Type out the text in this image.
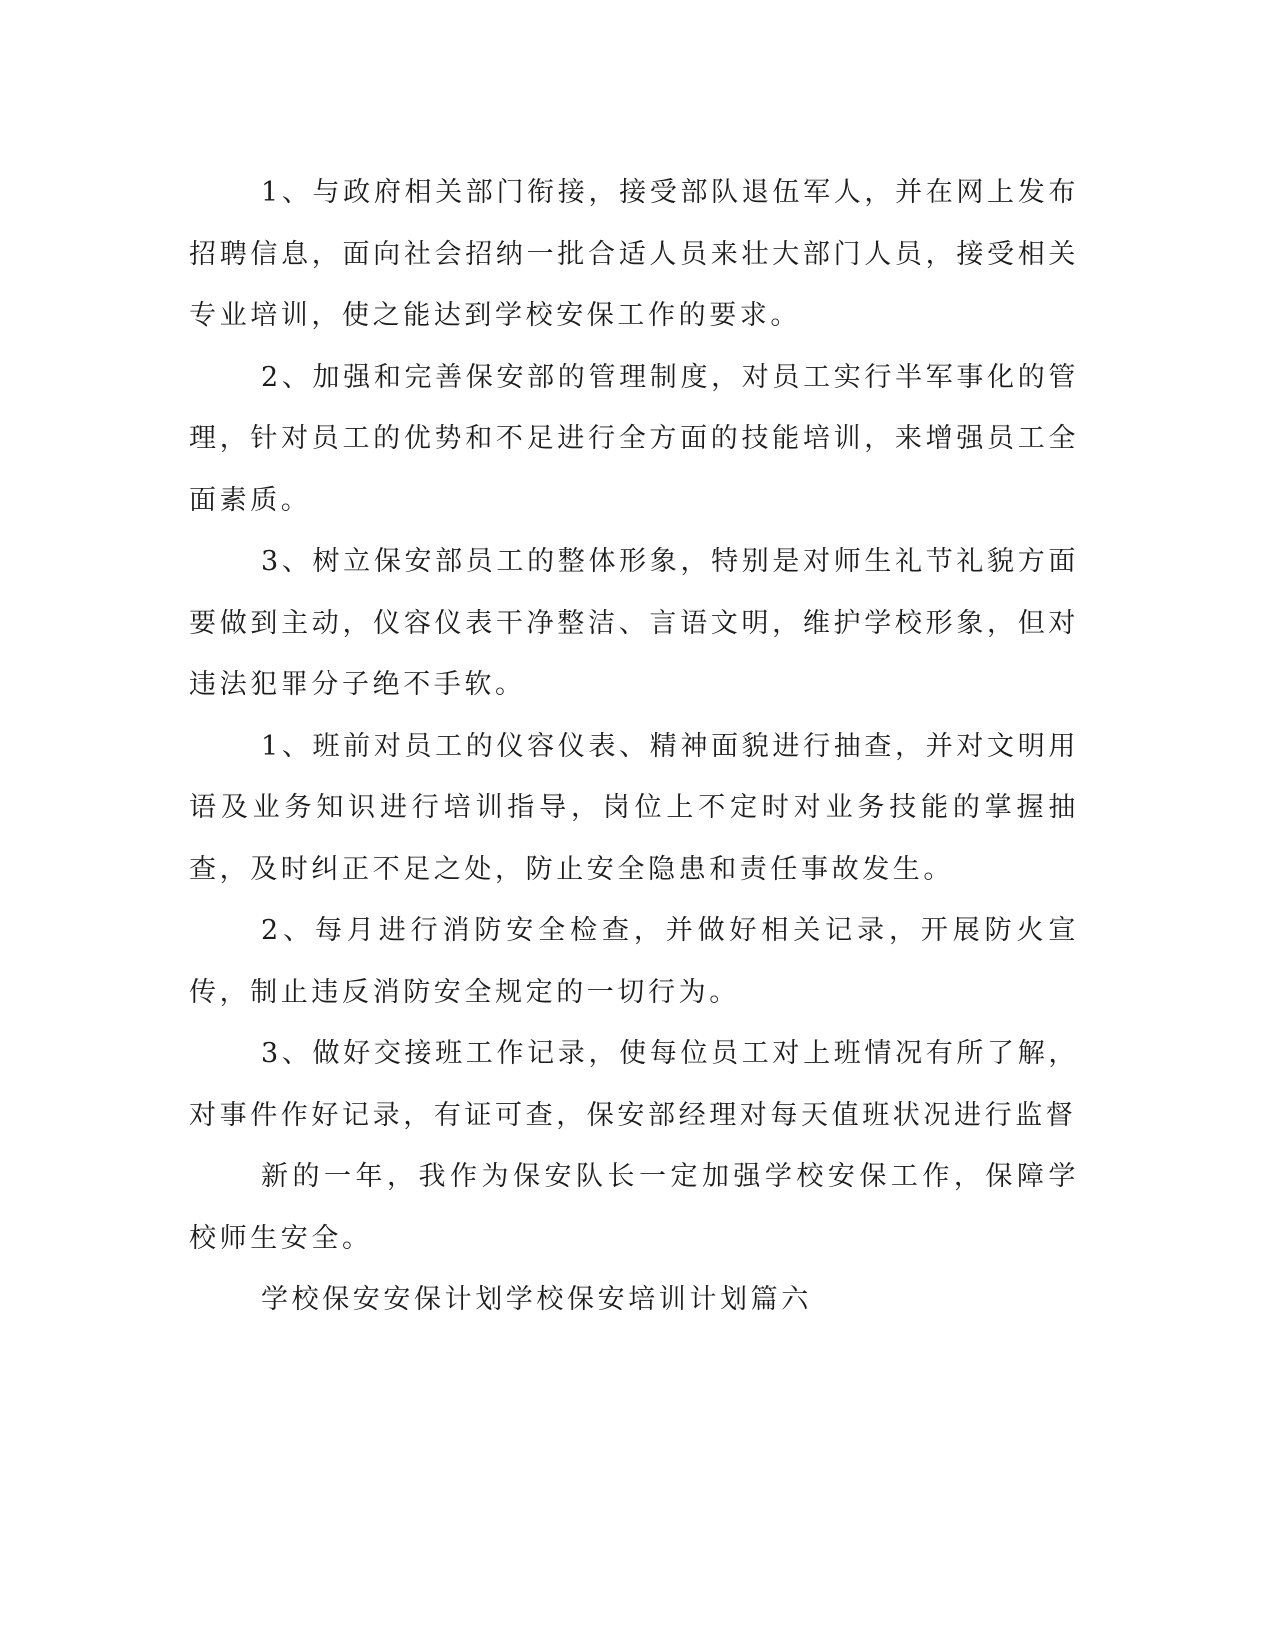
1、与政府相关部门衔接，接受部队退伍军人，并在网上发布招聘信息，面向社会招纳一批合适人员来壮大部门人员，接受相关专业培训，使之能达到学校安保工作的要求。

2、加强和完善保安部的管理制度，对员工实行半军事化的管理，针对员工的优势和不足进行全方面的技能培训，来增强员工全面素质。

3、树立保安部员工的整体形象，特别是对师生礼节礼貌方面要做到主动，仪容仪表干净整洁、言语文明，维护学校形象，但对违法犯罪分子绝不手软。

1、班前对员工的仪容仪表、精神面貌进行抽查，并对文明用语及业务知识进行培训指导，岗位上不定时对业务技能的掌握抽查，及时纠正不足之处，防止安全隐患和责任事故发生。

2、每月进行消防安全检查，并做好相关记录，开展防火宣传，制止违反消防安全规定的一切行为。

3、做好交接班工作记录，使每位员工对上班情况有所了解，对事件作好记录，有证可查，保安部经理对每天值班状况进行监督

新的一年，我作为保安队长一定加强学校安保工作，保障学校师生安全。

学校保安安保计划学校保安培训计划篇六
